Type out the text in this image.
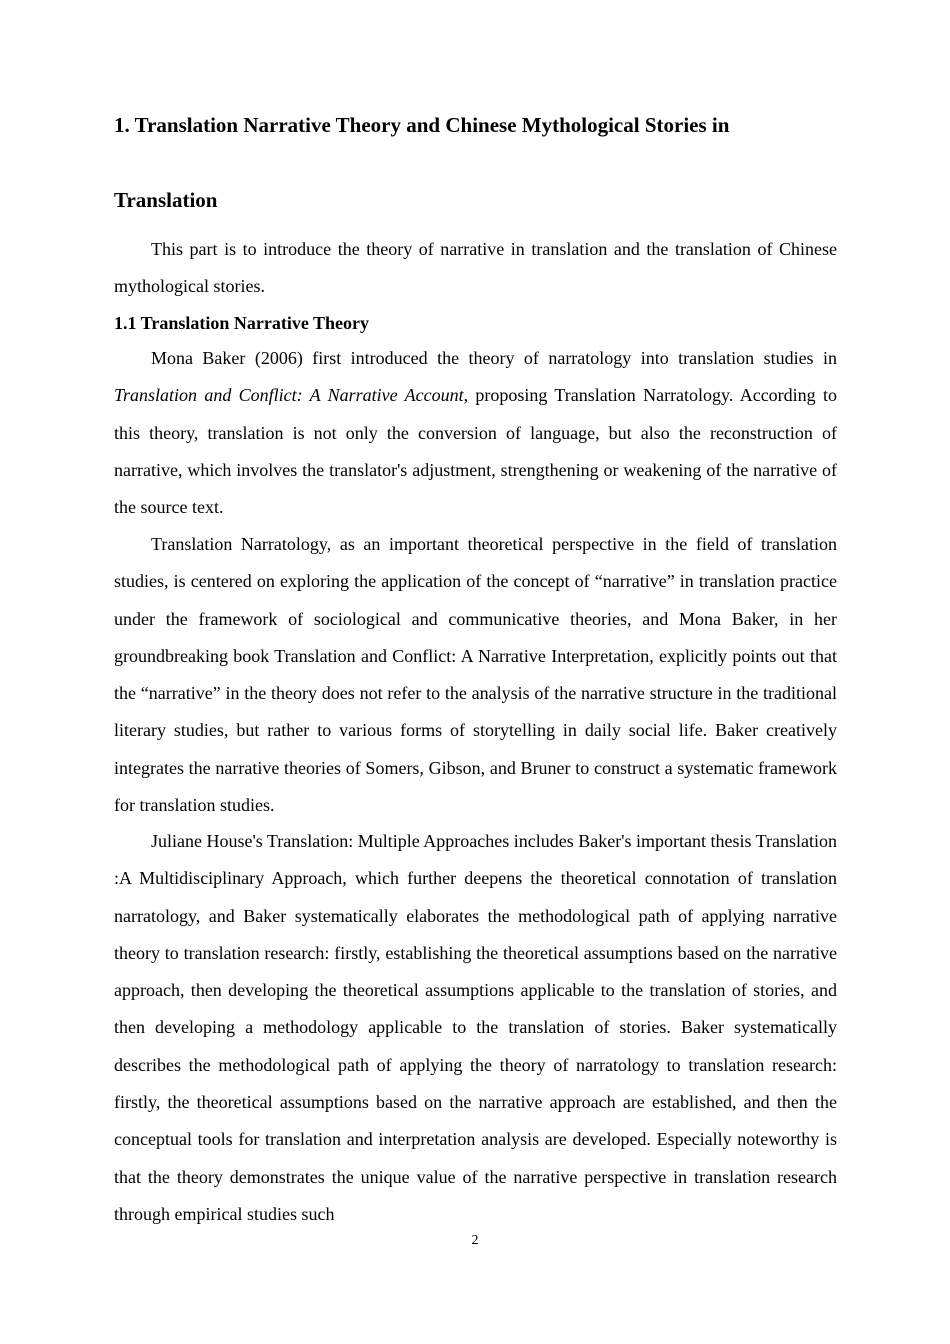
1. Translation Narrative Theory and Chinese Mythological Stories in
Translation

This part is to introduce the theory of narrative in translation and the translation of Chinese mythological stories.

1.1 Translation Narrative Theory

Mona Baker (2006) first introduced the theory of narratology into translation studies in Translation and Conflict: A Narrative Account, proposing Translation Narratology. According to this theory, translation is not only the conversion of language, but also the reconstruction of narrative, which involves the translator's adjustment, strengthening or weakening of the narrative of the source text.

Translation Narratology, as an important theoretical perspective in the field of translation studies, is centered on exploring the application of the concept of “narrative” in translation practice under the framework of sociological and communicative theories, and Mona Baker, in her groundbreaking book Translation and Conflict: A Narrative Interpretation, explicitly points out that the “narrative” in the theory does not refer to the analysis of the narrative structure in the traditional literary studies, but rather to various forms of storytelling in daily social life. Baker creatively integrates the narrative theories of Somers, Gibson, and Bruner to construct a systematic framework for translation studies.

Juliane House's Translation: Multiple Approaches includes Baker's important thesis Translation :A Multidisciplinary Approach, which further deepens the theoretical connotation of translation narratology, and Baker systematically elaborates the methodological path of applying narrative theory to translation research: firstly, establishing the theoretical assumptions based on the narrative approach, then developing the theoretical assumptions applicable to the translation of stories, and then developing a methodology applicable to the translation of stories. Baker systematically describes the methodological path of applying the theory of narratology to translation research: firstly, the theoretical assumptions based on the narrative approach are established, and then the conceptual tools for translation and interpretation analysis are developed. Especially noteworthy is that the theory demonstrates the unique value of the narrative perspective in translation research through empirical studies such

2
